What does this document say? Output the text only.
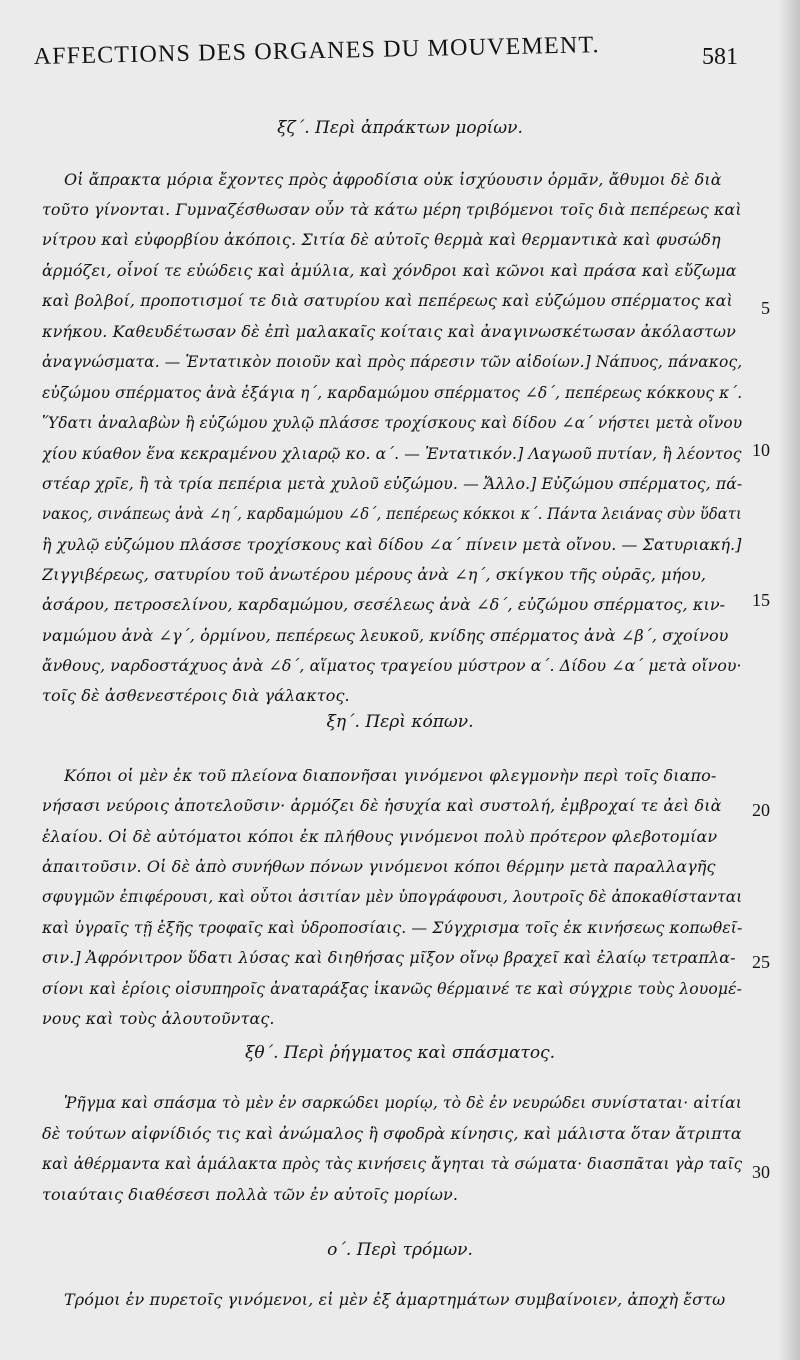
AFFECTIONS DES ORGANES DU MOUVEMENT.	581
ξζ΄. Περὶ ἀπράκτων μορίων.
Οἱ ἄπρακτα μόρια ἔχοντες πρὸς ἀφροδίσια οὐκ ἰσχύουσιν ὁρμᾶν, ἄθυμοι δὲ διὰ
τοῦτο γίνονται. Γυμναζέσθωσαν οὖν τὰ κάτω μέρη τριβόμενοι τοῖς διὰ πεπέρεως καὶ
νίτρου καὶ εὐφορβίου ἀκόποις. Σιτία δὲ αὐτοῖς θερμὰ καὶ θερμαντικὰ καὶ φυσώδη
ἁρμόζει, οἷνοί τε εὐώδεις καὶ ἀμύλια, καὶ χόνδροι καὶ κῶνοι καὶ πράσα καὶ εὔζωμα
καὶ βολβοί, προποτισμοί τε διὰ σατυρίου καὶ πεπέρεως καὶ εὐζώμου σπέρματος καὶ
κνήκου. Καθευδέτωσαν δὲ ἐπὶ μαλακαῖς κοίταις καὶ ἀναγινωσκέτωσαν ἀκόλαστων
ἀναγνώσματα. — Ἐντατικὸν ποιοῦν καὶ πρὸς πάρεσιν τῶν αἰδοίων.] Νάπυος, πάνακος,
εὐζώμου σπέρματος ἀνὰ ἐξάγια η΄, καρδαμώμου σπέρματος ∠δ΄, πεπέρεως κόκκους κ΄.
Ὕδατι ἀναλαβὼν ἢ εὐζώμου χυλῷ πλάσσε τροχίσκους καὶ δίδου ∠α΄ νήστει μετὰ οἴνου
χίου κύαθον ἕνα κεκραμένου χλιαρῷ κο. α΄. — Ἐντατικόν.] Λαγωοῦ πυτίαν, ἢ λέοντος
στέαρ χρῖε, ἢ τὰ τρία πεπέρια μετὰ χυλοῦ εὐζώμου. — Ἄλλο.] Εὐζώμου σπέρματος, πά-
νακος, σινάπεως ἀνὰ ∠η΄, καρδαμώμου ∠δ΄, πεπέρεως κόκκοι κ΄. Πάντα λειάνας σὺν ὕδατι
ἢ χυλῷ εὐζώμου πλάσσε τροχίσκους καὶ δίδου ∠α΄ πίνειν μετὰ οἴνου. — Σατυριακή.]
Ζιγγιβέρεως, σατυρίου τοῦ ἀνωτέρου μέρους ἀνὰ ∠η΄, σκίγκου τῆς οὐρᾶς, μήου,
ἀσάρου, πετροσελίνου, καρδαμώμου, σεσέλεως ἀνὰ ∠δ΄, εὐζώμου σπέρματος, κιν-
ναμώμου ἀνὰ ∠γ΄, ὁρμίνου, πεπέρεως λευκοῦ, κνίδης σπέρματος ἀνὰ ∠β΄, σχοίνου
ἄνθους, ναρδοστάχυος ἀνὰ ∠δ΄, αἵματος τραγείου μύστρον α΄. Δίδου ∠α΄ μετὰ οἴνου·
τοῖς δὲ ἀσθενεστέροις διὰ γάλακτος.
ξη΄. Περὶ κόπων.
Κόποι οἱ μὲν ἐκ τοῦ πλείονα διαπονῆσαι γινόμενοι φλεγμονὴν περὶ τοῖς διαπο-
νήσασι νεύροις ἀποτελοῦσιν· ἁρμόζει δὲ ἡσυχία καὶ συστολή, ἐμβροχαί τε ἀεὶ διὰ
ἐλαίου. Οἱ δὲ αὐτόματοι κόποι ἐκ πλήθους γινόμενοι πολὺ πρότερον φλεβοτομίαν
ἀπαιτοῦσιν. Οἱ δὲ ἀπὸ συνήθων πόνων γινόμενοι κόποι θέρμην μετὰ παραλλαγῆς
σφυγμῶν ἐπιφέρουσι, καὶ οὗτοι ἀσιτίαν μὲν ὑπογράφουσι, λουτροῖς δὲ ἀποκαθίστανται
καὶ ὑγραῖς τῇ ἑξῆς τροφαῖς καὶ ὑδροποσίαις. — Σύγχρισμα τοῖς ἐκ κινήσεως κοπωθεῖ-
σιν.] Ἀφρόνιτρον ὕδατι λύσας καὶ διηθήσας μῖξον οἴνῳ βραχεῖ καὶ ἐλαίῳ τετραπλα-
σίονι καὶ ἐρίοις οἰσυπηροῖς ἀναταράξας ἱκανῶς θέρμαινέ τε καὶ σύγχριε τοὺς λουομέ-
νους καὶ τοὺς ἀλουτοῦντας.
ξθ΄. Περὶ ῥήγματος καὶ σπάσματος.
Ῥῆγμα καὶ σπάσμα τὸ μὲν ἐν σαρκώδει μορίῳ, τὸ δὲ ἐν νευρώδει συνίσταται· αἰτίαι
δὲ τούτων αἰφνίδιός τις καὶ ἀνώμαλος ἢ σφοδρὰ κίνησις, καὶ μάλιστα ὅταν ἄτριπτα
καὶ ἀθέρμαντα καὶ ἀμάλακτα πρὸς τὰς κινήσεις ἄγηται τὰ σώματα· διασπᾶται γὰρ ταῖς
τοιαύταις διαθέσεσι πολλὰ τῶν ἐν αὐτοῖς μορίων.
ο΄. Περὶ τρόμων.
Τρόμοι ἐν πυρετοῖς γινόμενοι, εἰ μὲν ἐξ ἁμαρτημάτων συμβαίνοιεν, ἀποχὴ ἔστω
5
10
15
20
25
30
